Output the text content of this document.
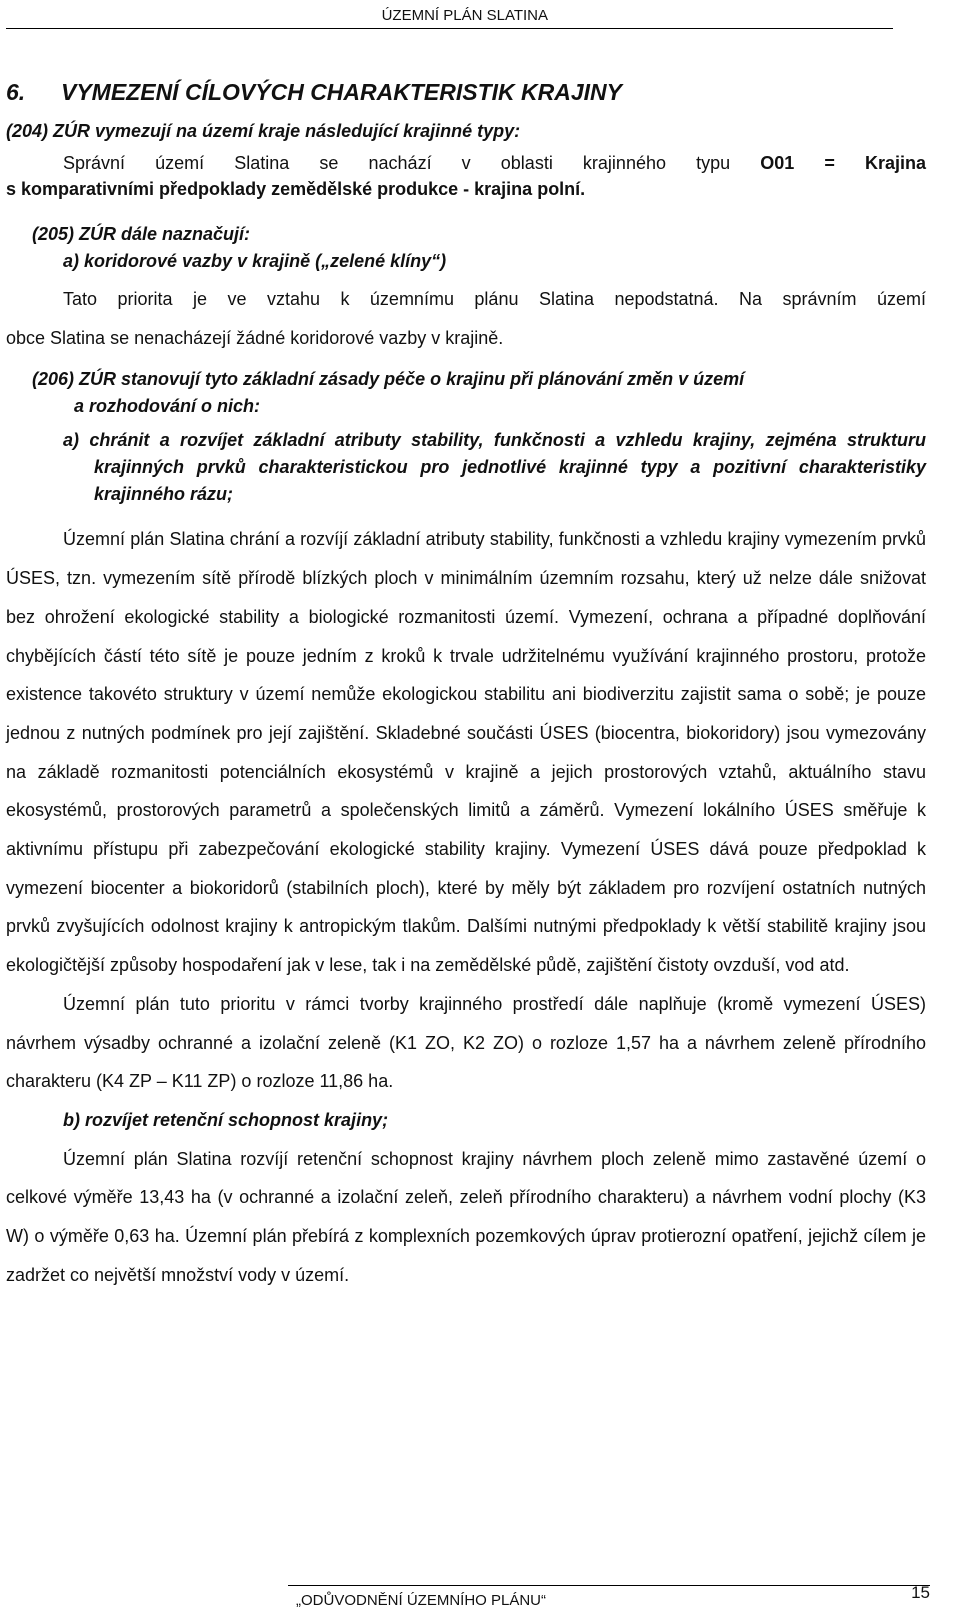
ÚZEMNÍ PLÁN SLATINA
6. VYMEZENÍ CÍLOVÝCH CHARAKTERISTIK KRAJINY

(204) ZÚR vymezují na území kraje následující krajinné typy:

Správní území Slatina se nachází v oblasti krajinného typu O01 = Krajina

s komparativními předpoklady zemědělské produkce - krajina polní.

(205) ZÚR dále naznačují:

a) koridorové vazby v krajině („zelené klíny“)

Tato priorita je ve vztahu k územnímu plánu Slatina nepodstatná. Na správním území

obce Slatina se nenacházejí žádné koridorové vazby v krajině.

(206) ZÚR stanovují tyto základní zásady péče o krajinu při plánování změn v území

a rozhodování o nich:

a) chránit a rozvíjet základní atributy stability, funkčnosti a vzhledu krajiny, zejména strukturu krajinných prvků charakteristickou pro jednotlivé krajinné typy a pozitivní charakteristiky krajinného rázu;

Územní plán Slatina chrání a rozvíjí základní atributy stability, funkčnosti a vzhledu krajiny vymezením prvků ÚSES, tzn. vymezením sítě přírodě blízkých ploch v minimálním územním rozsahu, který už nelze dále snižovat bez ohrožení ekologické stability a biologické rozmanitosti území. Vymezení, ochrana a případné doplňování chybějících částí této sítě je pouze jedním z kroků k trvale udržitelnému využívání krajinného prostoru, protože existence takovéto struktury v území nemůže ekologickou stabilitu ani biodiverzitu zajistit sama o sobě; je pouze jednou z nutných podmínek pro její zajištění. Skladebné součásti ÚSES (biocentra, biokoridory) jsou vymezovány na základě rozmanitosti potenciálních ekosystémů v krajině a jejich prostorových vztahů, aktuálního stavu ekosystémů, prostorových parametrů a společenských limitů a záměrů. Vymezení lokálního ÚSES směřuje k aktivnímu přístupu při zabezpečování ekologické stability krajiny. Vymezení ÚSES dává pouze předpoklad k vymezení biocenter a biokoridorů (stabilních ploch), které by měly být základem pro rozvíjení ostatních nutných prvků zvyšujících odolnost krajiny k antropickým tlakům. Dalšími nutnými předpoklady k větší stabilitě krajiny jsou ekologičtější způsoby hospodaření jak v lese, tak i na zemědělské půdě, zajištění čistoty ovzduší, vod atd.

Územní plán tuto prioritu v rámci tvorby krajinného prostředí dále naplňuje (kromě vymezení ÚSES) návrhem výsadby ochranné a izolační zeleně (K1 ZO, K2 ZO) o rozloze 1,57 ha a návrhem zeleně přírodního charakteru (K4 ZP – K11 ZP) o rozloze 11,86 ha.

b) rozvíjet retenční schopnost krajiny;

Územní plán Slatina rozvíjí retenční schopnost krajiny návrhem ploch zeleně mimo zastavěné území o celkové výměře 13,43 ha (v ochranné a izolační zeleň, zeleň přírodního charakteru) a návrhem vodní plochy (K3 W) o výměře 0,63 ha. Územní plán přebírá z komplexních pozemkových úprav protierozní opatření, jejichž cílem je zadržet co největší množství vody v území.

„ODŮVODNĚNÍ ÚZEMNÍHO PLÁNU“	15
